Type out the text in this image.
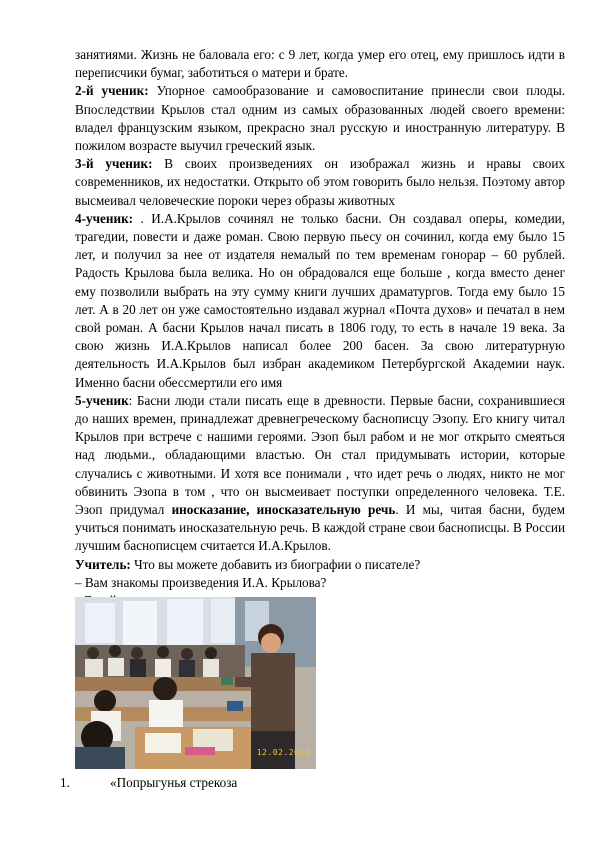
занятиями. Жизнь не баловала его: с 9 лет, когда умер его отец, ему пришлось идти в переписчики бумаг, заботиться о матери и брате.

2-й ученик: Упорное самообразование и самовоспитание принесли свои плоды. Впоследствии Крылов стал одним из самых образованных людей своего времени: владел французским языком, прекрасно знал русскую и иностранную литературу. В пожилом возрасте выучил греческий язык.

3-й ученик: В своих произведениях он изображал жизнь и нравы своих современников, их недостатки. Открыто об этом говорить было нельзя. Поэтому автор высмеивал человеческие пороки через образы животных

4-ученик: . И.А.Крылов сочинял не только басни. Он создавал оперы, комедии, трагедии, повести и даже роман. Свою первую пьесу он сочинил, когда ему было 15 лет, и получил за нее от издателя немалый по тем временам гонорар – 60 рублей. Радость Крылова была велика. Но он обрадовался еще больше , когда вместо денег ему позволили выбрать на эту сумму книги лучших драматургов. Тогда ему было 15 лет. А в 20 лет он уже самостоятельно издавал журнал «Почта духов» и печатал в нем свой роман. А басни Крылов начал писать в 1806 году, то есть в начале 19 века. За свою жизнь И.А.Крылов написал более 200 басен. За свою литературную деятельность И.А.Крылов был избран академиком Петербургской Академии наук. Именно басни обессмертили его имя

5-ученик: Басни люди стали писать еще в древности. Первые басни, сохранившиеся до наших времен, принадлежат древнегреческому баснописцу Эзопу. Его книгу читал Крылов при встрече с нашими героями. Эзоп был рабом и не мог открыто смеяться над людьми., обладающими властью. Он стал придумывать истории, которые случались с животными. И хотя все понимали , что идет речь о людях, никто не мог обвинить Эзопа в том , что он высмеивает поступки определенного человека. Т.Е. Эзоп придумал иносказание, иносказательную речь. И мы, читая басни, будем учиться понимать иносказательную речь. В каждой стране свои баснописцы. В России лучшим баснописцем считается И.А.Крылов.

Учитель: Что вы можете добавить из биографии о писателе?

– Вам знакомы произведения И.А. Крылова?

12.02.2010
1.	«Попрыгунья стрекоза
